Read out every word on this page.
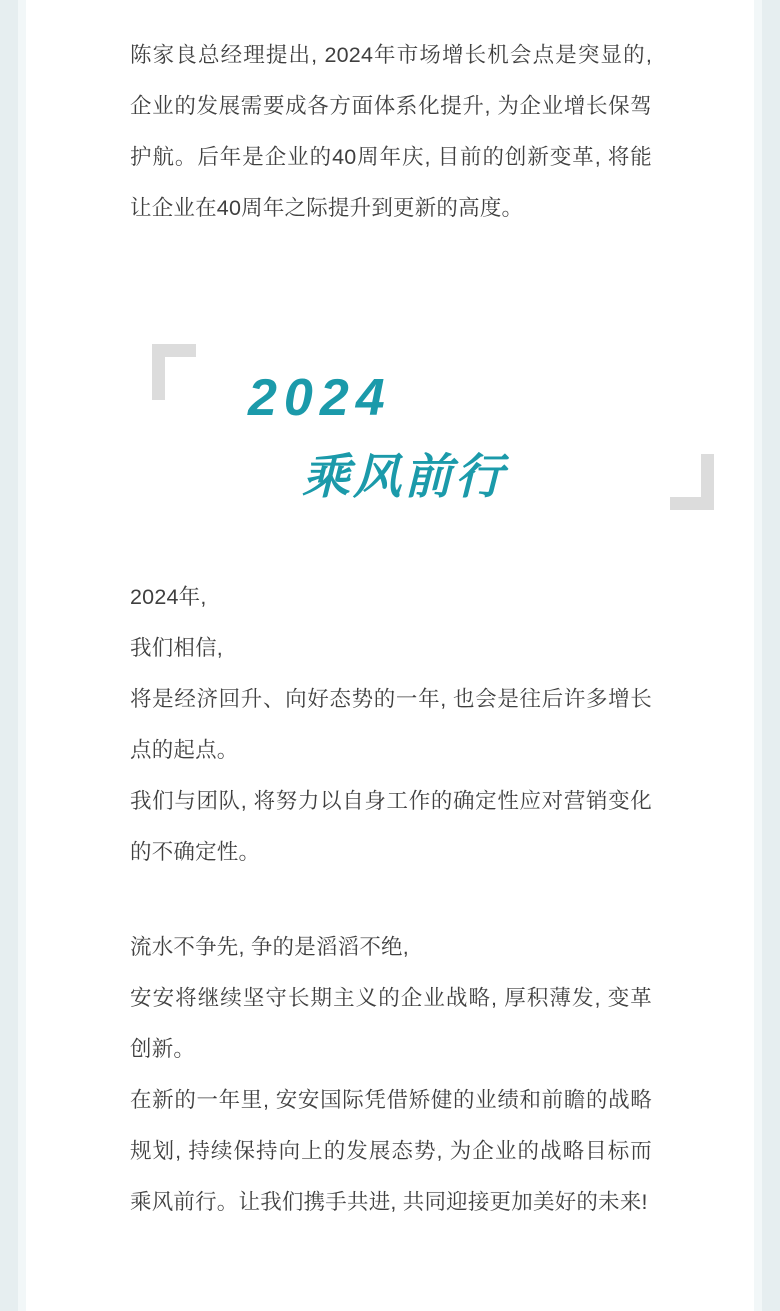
陈家良总经理提出, 2024年市场增长机会点是突显的, 企业的发展需要成各方面体系化提升, 为企业增长保驾护航。后年是企业的40周年庆, 目前的创新变革, 将能让企业在40周年之际提升到更新的高度。

2024
乘风前行

2024年,

我们相信,

将是经济回升、向好态势的一年, 也会是往后许多增长点的起点。

我们与团队, 将努力以自身工作的确定性应对营销变化的不确定性。

流水不争先, 争的是滔滔不绝,

安安将继续坚守长期主义的企业战略, 厚积薄发, 变革创新。

在新的一年里, 安安国际凭借矫健的业绩和前瞻的战略规划, 持续保持向上的发展态势, 为企业的战略目标而乘风前行。让我们携手共进, 共同迎接更加美好的未来!
